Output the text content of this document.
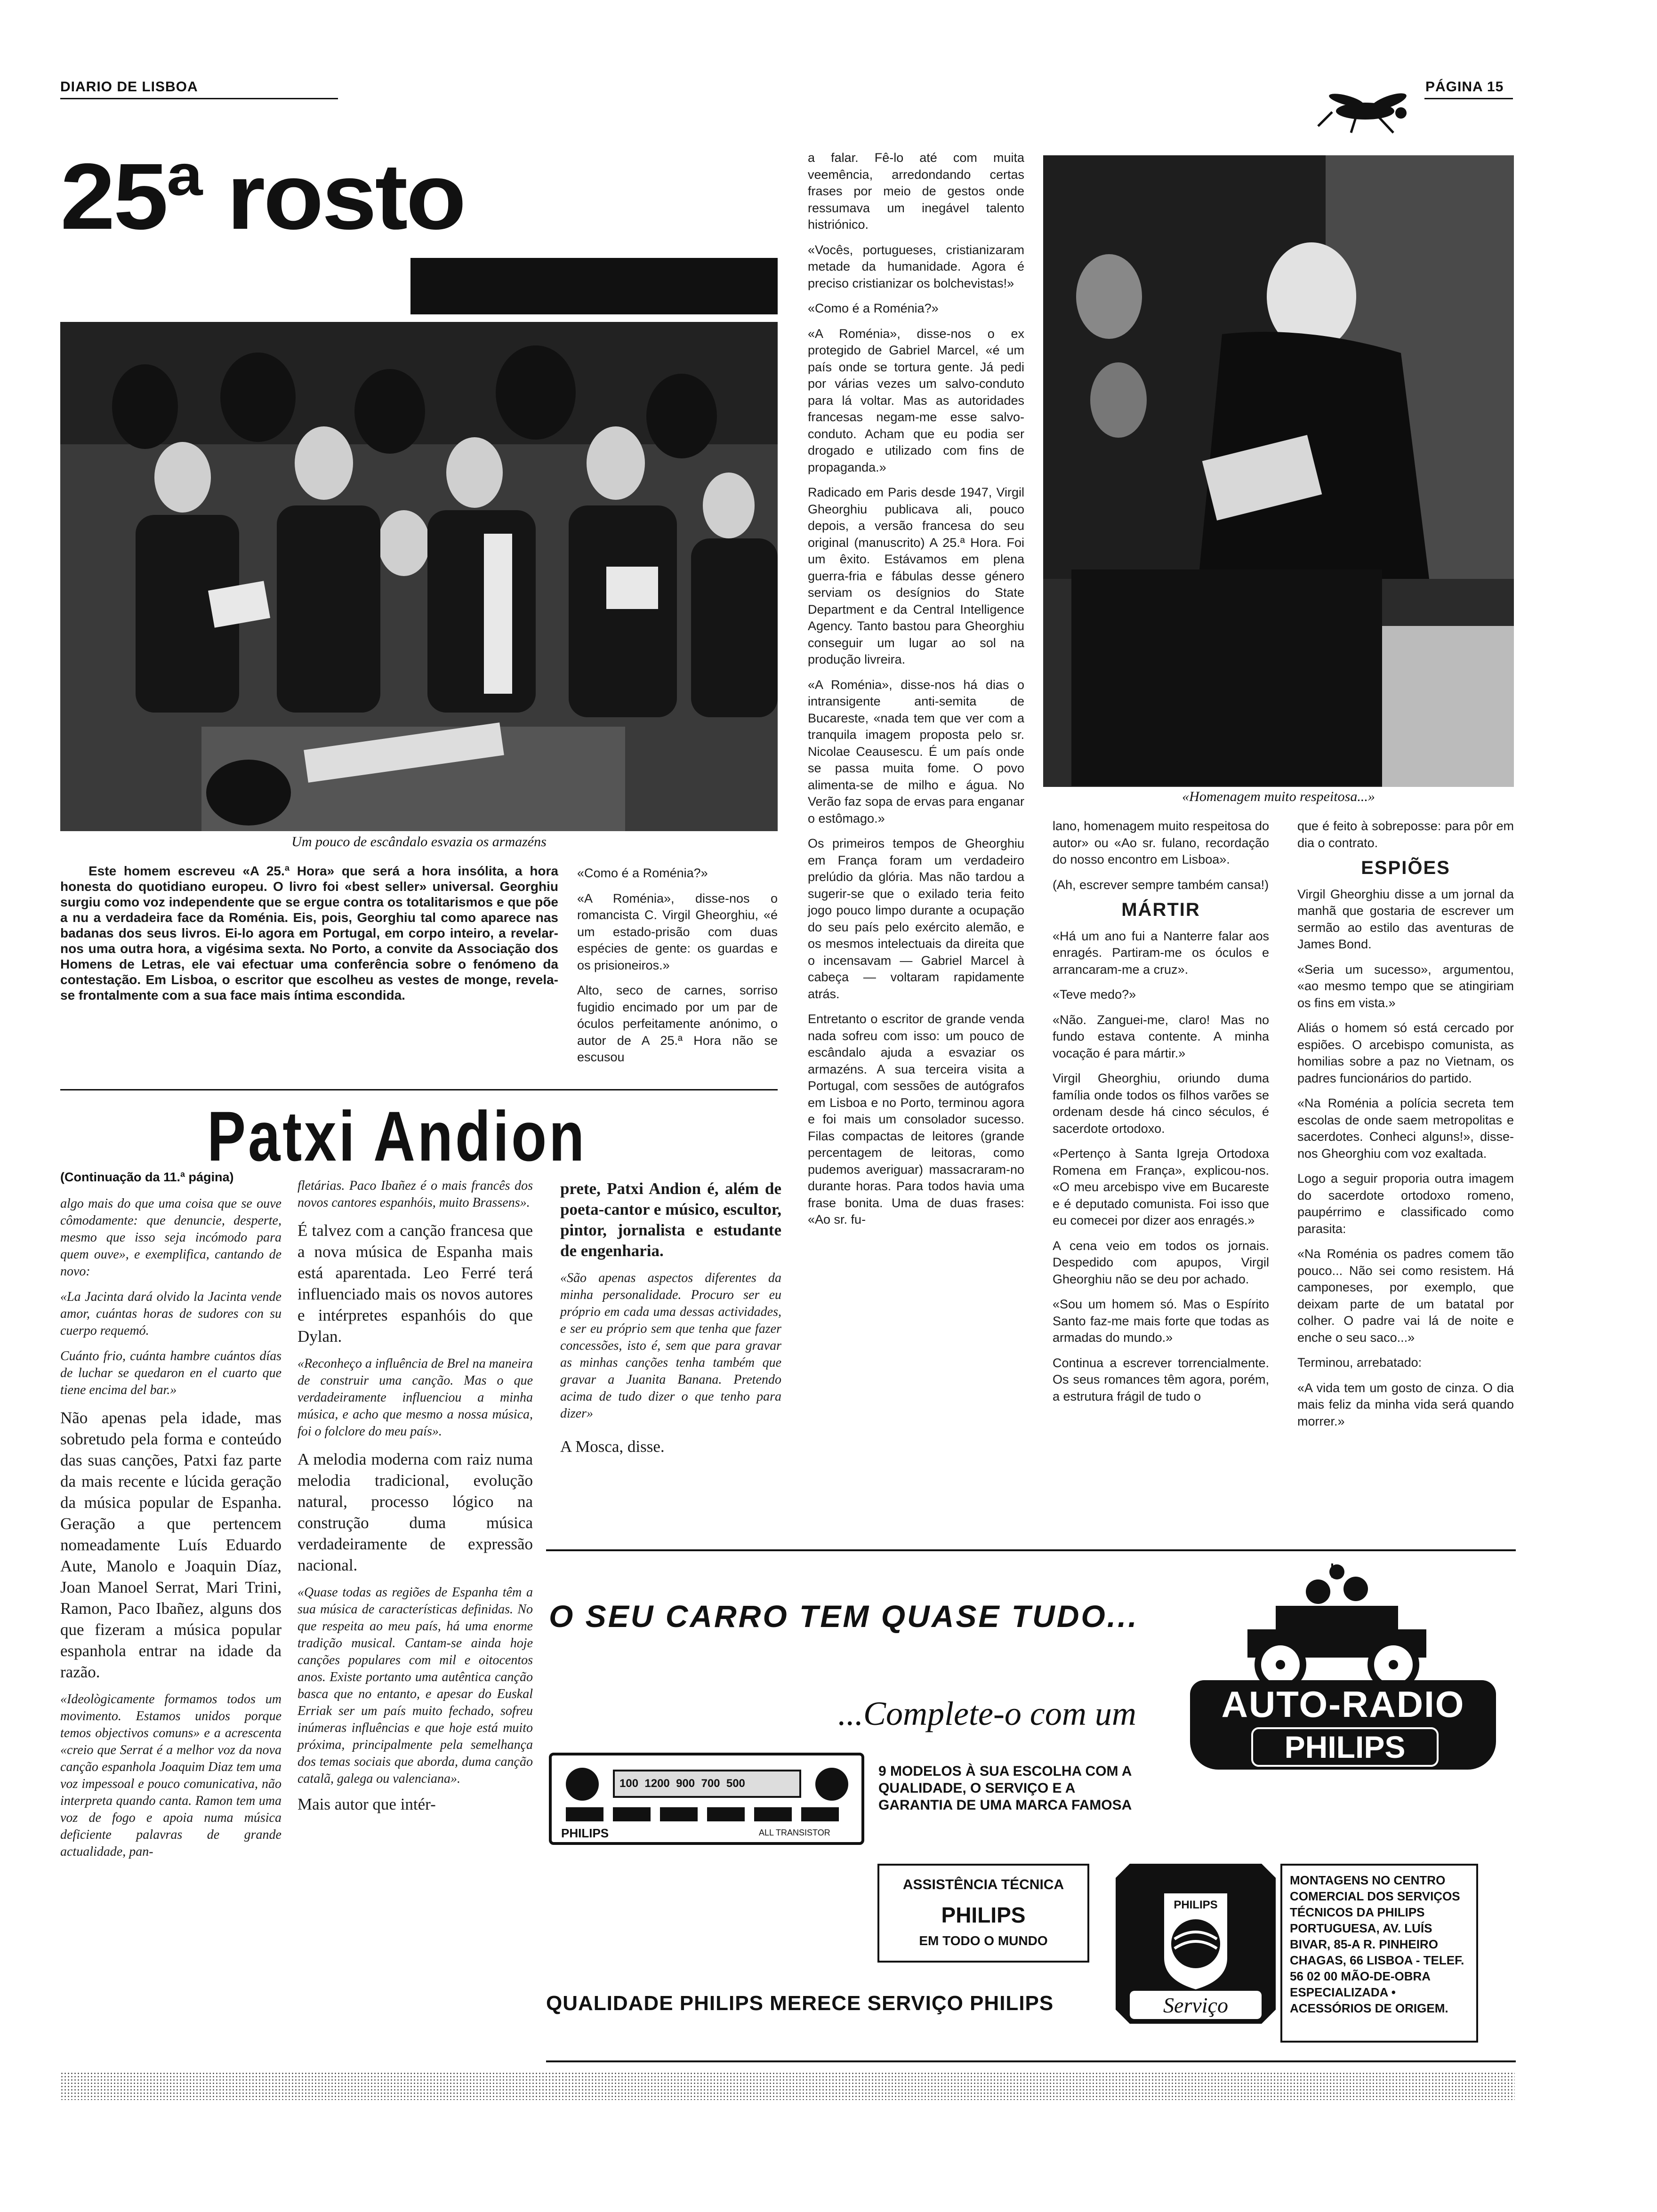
DIARIO DE LISBOA	PÁGINA 15
25ª rosto
Um pouco de escândalo esvazia os armazéns
«Homenagem muito respeitosa...»

Este homem escreveu «A 25.ª Hora» que será a hora insólita, a hora honesta do quotidiano europeu. O livro foi «best seller» universal. Georghiu surgiu como voz independente que se ergue contra os totalitarismos e que põe a nu a verdadeira face da Roménia. Eis, pois, Georghiu tal como aparece nas badanas dos seus livros. Ei-lo agora em Portugal, em corpo inteiro, a revelar-nos uma outra hora, a vigésima sexta. No Porto, a convite da Associação dos Homens de Letras, ele vai efectuar uma conferência sobre o fenómeno da contestação. Em Lisboa, o escritor que escolheu as vestes de monge, revela-se frontalmente com a sua face mais íntima escondida.

«Como é a Roménia?»

«A Roménia», disse-nos o romancista C. Virgil Gheorghiu, «é um estado-prisão com duas espécies de gente: os guardas e os prisioneiros.»

Alto, seco de carnes, sorriso fugidio encimado por um par de óculos perfeitamente anónimo, o autor de A 25.ª Hora não se escusou

a falar. Fê-lo até com muita veemência, arredondando certas frases por meio de gestos onde ressumava um inegável talento histriónico.

«Vocês, portugueses, cristianizaram metade da humanidade. Agora é preciso cristianizar os bolchevistas!»

«Como é a Roménia?»

«A Roménia», disse-nos o ex protegido de Gabriel Marcel, «é um país onde se tortura gente. Já pedi por várias vezes um salvo-conduto para lá voltar. Mas as autoridades francesas negam-me esse salvo-conduto. Acham que eu podia ser drogado e utilizado com fins de propaganda.»

Radicado em Paris desde 1947, Virgil Gheorghiu publicava ali, pouco depois, a versão francesa do seu original (manuscrito) A 25.ª Hora. Foi um êxito. Estávamos em plena guerra-fria e fábulas desse género serviam os desígnios do State Department e da Central Intelligence Agency. Tanto bastou para Gheorghiu conseguir um lugar ao sol na produção livreira.

«A Roménia», disse-nos há dias o intransigente anti-semita de Bucareste, «nada tem que ver com a tranquila imagem proposta pelo sr. Nicolae Ceausescu. É um país onde se passa muita fome. O povo alimenta-se de milho e água. No Verão faz sopa de ervas para enganar o estômago.»

Os primeiros tempos de Gheorghiu em França foram um verdadeiro prelúdio da glória. Mas não tardou a sugerir-se que o exilado teria feito jogo pouco limpo durante a ocupação do seu país pelo exército alemão, e os mesmos intelectuais da direita que o incensavam — Gabriel Marcel à cabeça — voltaram rapidamente atrás.

Entretanto o escritor de grande venda nada sofreu com isso: um pouco de escândalo ajuda a esvaziar os armazéns. A sua terceira visita a Portugal, com sessões de autógrafos em Lisboa e no Porto, terminou agora e foi mais um consolador sucesso. Filas compactas de leitores (grande percentagem de leitoras, como pudemos averiguar) massacraram-no durante horas. Para todos havia uma frase bonita. Uma de duas frases: «Ao sr. fu-

lano, homenagem muito respeitosa do autor» ou «Ao sr. fulano, recordação do nosso encontro em Lisboa».

(Ah, escrever sempre também cansa!)

MÁRTIR

«Há um ano fui a Nanterre falar aos enragés. Partiram-me os óculos e arrancaram-me a cruz».

«Teve medo?»

«Não. Zanguei-me, claro! Mas no fundo estava contente. A minha vocação é para mártir.»

Virgil Gheorghiu, oriundo duma família onde todos os filhos varões se ordenam desde há cinco séculos, é sacerdote ortodoxo.

«Pertenço à Santa Igreja Ortodoxa Romena em França», explicou-nos. «O meu arcebispo vive em Bucareste e é deputado comunista. Foi isso que eu comecei por dizer aos enragés.»

A cena veio em todos os jornais. Despedido com apupos, Virgil Gheorghiu não se deu por achado.

«Sou um homem só. Mas o Espírito Santo faz-me mais forte que todas as armadas do mundo.»

Continua a escrever torrencialmente. Os seus romances têm agora, porém, a estrutura frágil de tudo o

que é feito à sobreposse: para pôr em dia o contrato.

ESPIÕES

Virgil Gheorghiu disse a um jornal da manhã que gostaria de escrever um sermão ao estilo das aventuras de James Bond.

«Seria um sucesso», argumentou, «ao mesmo tempo que se atingiriam os fins em vista.»

Aliás o homem só está cercado por espiões. O arcebispo comunista, as homilias sobre a paz no Vietnam, os padres funcionários do partido.

«Na Roménia a polícia secreta tem escolas de onde saem metropolitas e sacerdotes. Conheci alguns!», disse-nos Gheorghiu com voz exaltada.

Logo a seguir proporia outra imagem do sacerdote ortodoxo romeno, paupérrimo e classificado como parasita:

«Na Roménia os padres comem tão pouco... Não sei como resistem. Há camponeses, por exemplo, que deixam parte de um batatal por colher. O padre vai lá de noite e enche o seu saco...»

Terminou, arrebatado:

«A vida tem um gosto de cinza. O dia mais feliz da minha vida será quando morrer.»

Patxi Andion
(Continuação da 11.ª página)

algo mais do que uma coisa que se ouve cômodamente: que denuncie, desperte, mesmo que isso seja incómodo para quem ouve», e exemplifica, cantando de novo:

«La Jacinta dará olvido la Jacinta vende amor, cuántas horas de sudores con su cuerpo requemó.

Cuánto frio, cuántа hambre cuántos días de luchar se quedaron en el cuarto que tiene encima del bar.»

Não apenas pela idade, mas sobretudo pela forma e conteúdo das suas canções, Patxi faz parte da mais recente e lúcida geração da música popular de Espanha. Geração a que pertencem nomeadamente Luís Eduardo Aute, Manolo e Joaquin Díaz, Joan Manoel Serrat, Mari Trini, Ramon, Paco Ibañez, alguns dos que fizeram a música popular espanhola entrar na idade da razão.

«Ideològicamente formamos todos um movimento. Estamos unidos porque temos objectivos comuns» e a acrescenta «creio que Serrat é a melhor voz da nova canção espanhola Joaquim Diaz tem uma voz impessoal e pouco comunicativa, não interpreta quando canta. Ramon tem uma voz de fogo e apoia numa música deficiente palavras de grande actualidade, pan-

fletárias. Paco Ibañez é o mais francês dos novos cantores espanhóis, muito Brassens».

É talvez com a canção francesa que a nova música de Espanha mais está aparentada. Leo Ferré terá influenciado mais os novos autores e intérpretes espanhóis do que Dylan.

«Reconheço a influência de Brel na maneira de construir uma canção. Mas o que verdadeiramente influenciou a minha música, e acho que mesmo a nossa música, foi o folclore do meu país».

A melodia moderna com raiz numa melodia tradicional, evolução natural, processo lógico na construção duma música verdadeiramente de expressão nacional.

«Quase todas as regiões de Espanha têm a sua música de características definidas. No que respeita ao meu país, há uma enorme tradição musical. Cantam-se ainda hoje canções populares com mil e oitocentos anos. Existe portanto uma autêntica canção basca que no entanto, e apesar do Euskal Erriak ser um país muito fechado, sofreu inúmeras influências e que hoje está muito próxima, principalmente pela semelhança dos temas sociais que aborda, duma canção catalã, galega ou valenciana».

Mais autor que intér-

prete, Patxi Andion é, além de poeta-cantor e músico, escultor, pintor, jornalista e estudante de engenharia.

«São apenas aspectos diferentes da minha personalidade. Procuro ser eu próprio em cada uma dessas actividades, e ser eu próprio sem que tenha que fazer concessões, isto é, sem que para gravar as minhas canções tenha também que gravar a Juanita Banana. Pretendo acima de tudo dizer o que tenho para dizer»

A Mosca, disse.

O SEU CARRO TEM QUASE TUDO...
...Complete-o com um	AUTO-RADIO
PHILIPS
100  1200  900  700  500
PHILIPS	ALL TRANSISTOR
9 MODELOS À SUA ESCOLHA COM A QUALIDADE, O SERVIÇO E A GARANTIA DE UMA MARCA FAMOSA
ASSISTÊNCIA TÉCNICA
PHILIPS
EM TODO O MUNDO
PHILIPS
Serviço
MONTAGENS NO CENTRO COMERCIAL DOS SERVIÇOS TÉCNICOS DA PHILIPS PORTUGUESA, AV. LUÍS BIVAR, 85-A R. PINHEIRO CHAGAS, 66 LISBOA - TELEF. 56 02 00 MÃO-DE-OBRA ESPECIALIZADA • ACESSÓRIOS DE ORIGEM.
QUALIDADE PHILIPS MERECE SERVIÇO PHILIPS
